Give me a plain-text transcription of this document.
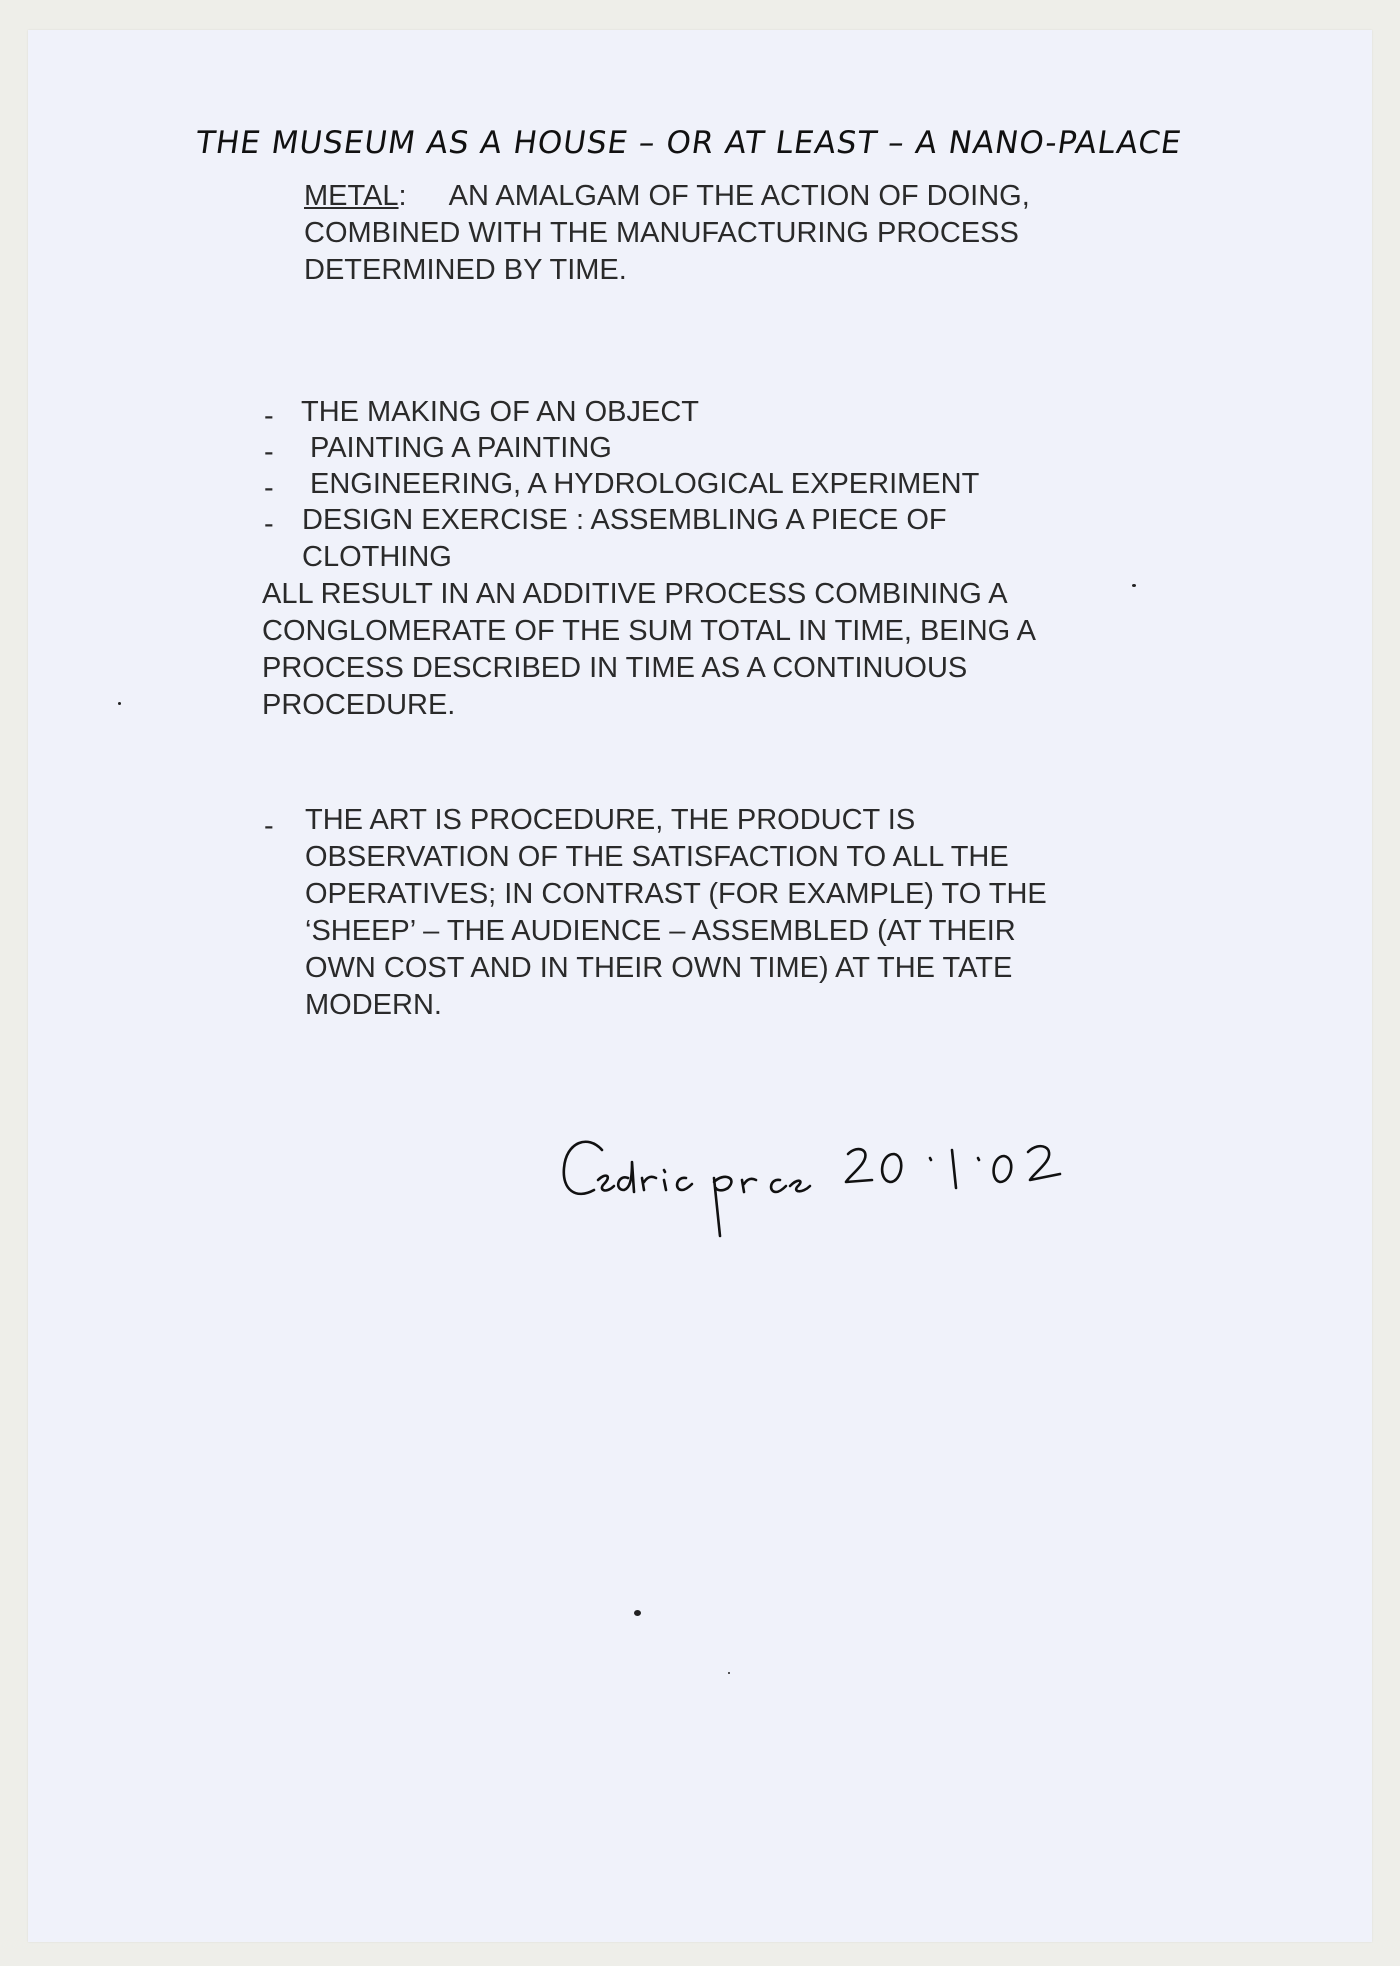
THE MUSEUM AS A HOUSE – OR AT LEAST – A NANO-PALACE
METAL: AN AMALGAM OF THE ACTION OF DOING,
COMBINED WITH THE MANUFACTURING PROCESS
DETERMINED BY TIME.
- THE MAKING OF AN OBJECT
- PAINTING A PAINTING
- ENGINEERING, A HYDROLOGICAL EXPERIMENT
- DESIGN EXERCISE : ASSEMBLING A PIECE OF
CLOTHING
ALL RESULT IN AN ADDITIVE PROCESS COMBINING A
CONGLOMERATE OF THE SUM TOTAL IN TIME, BEING A
PROCESS DESCRIBED IN TIME AS A CONTINUOUS
PROCEDURE.
- THE ART IS PROCEDURE, THE PRODUCT IS
OBSERVATION OF THE SATISFACTION TO ALL THE
OPERATIVES; IN CONTRAST (FOR EXAMPLE) TO THE
‘SHEEP’ – THE AUDIENCE – ASSEMBLED (AT THEIR
OWN COST AND IN THEIR OWN TIME) AT THE TATE
MODERN.
